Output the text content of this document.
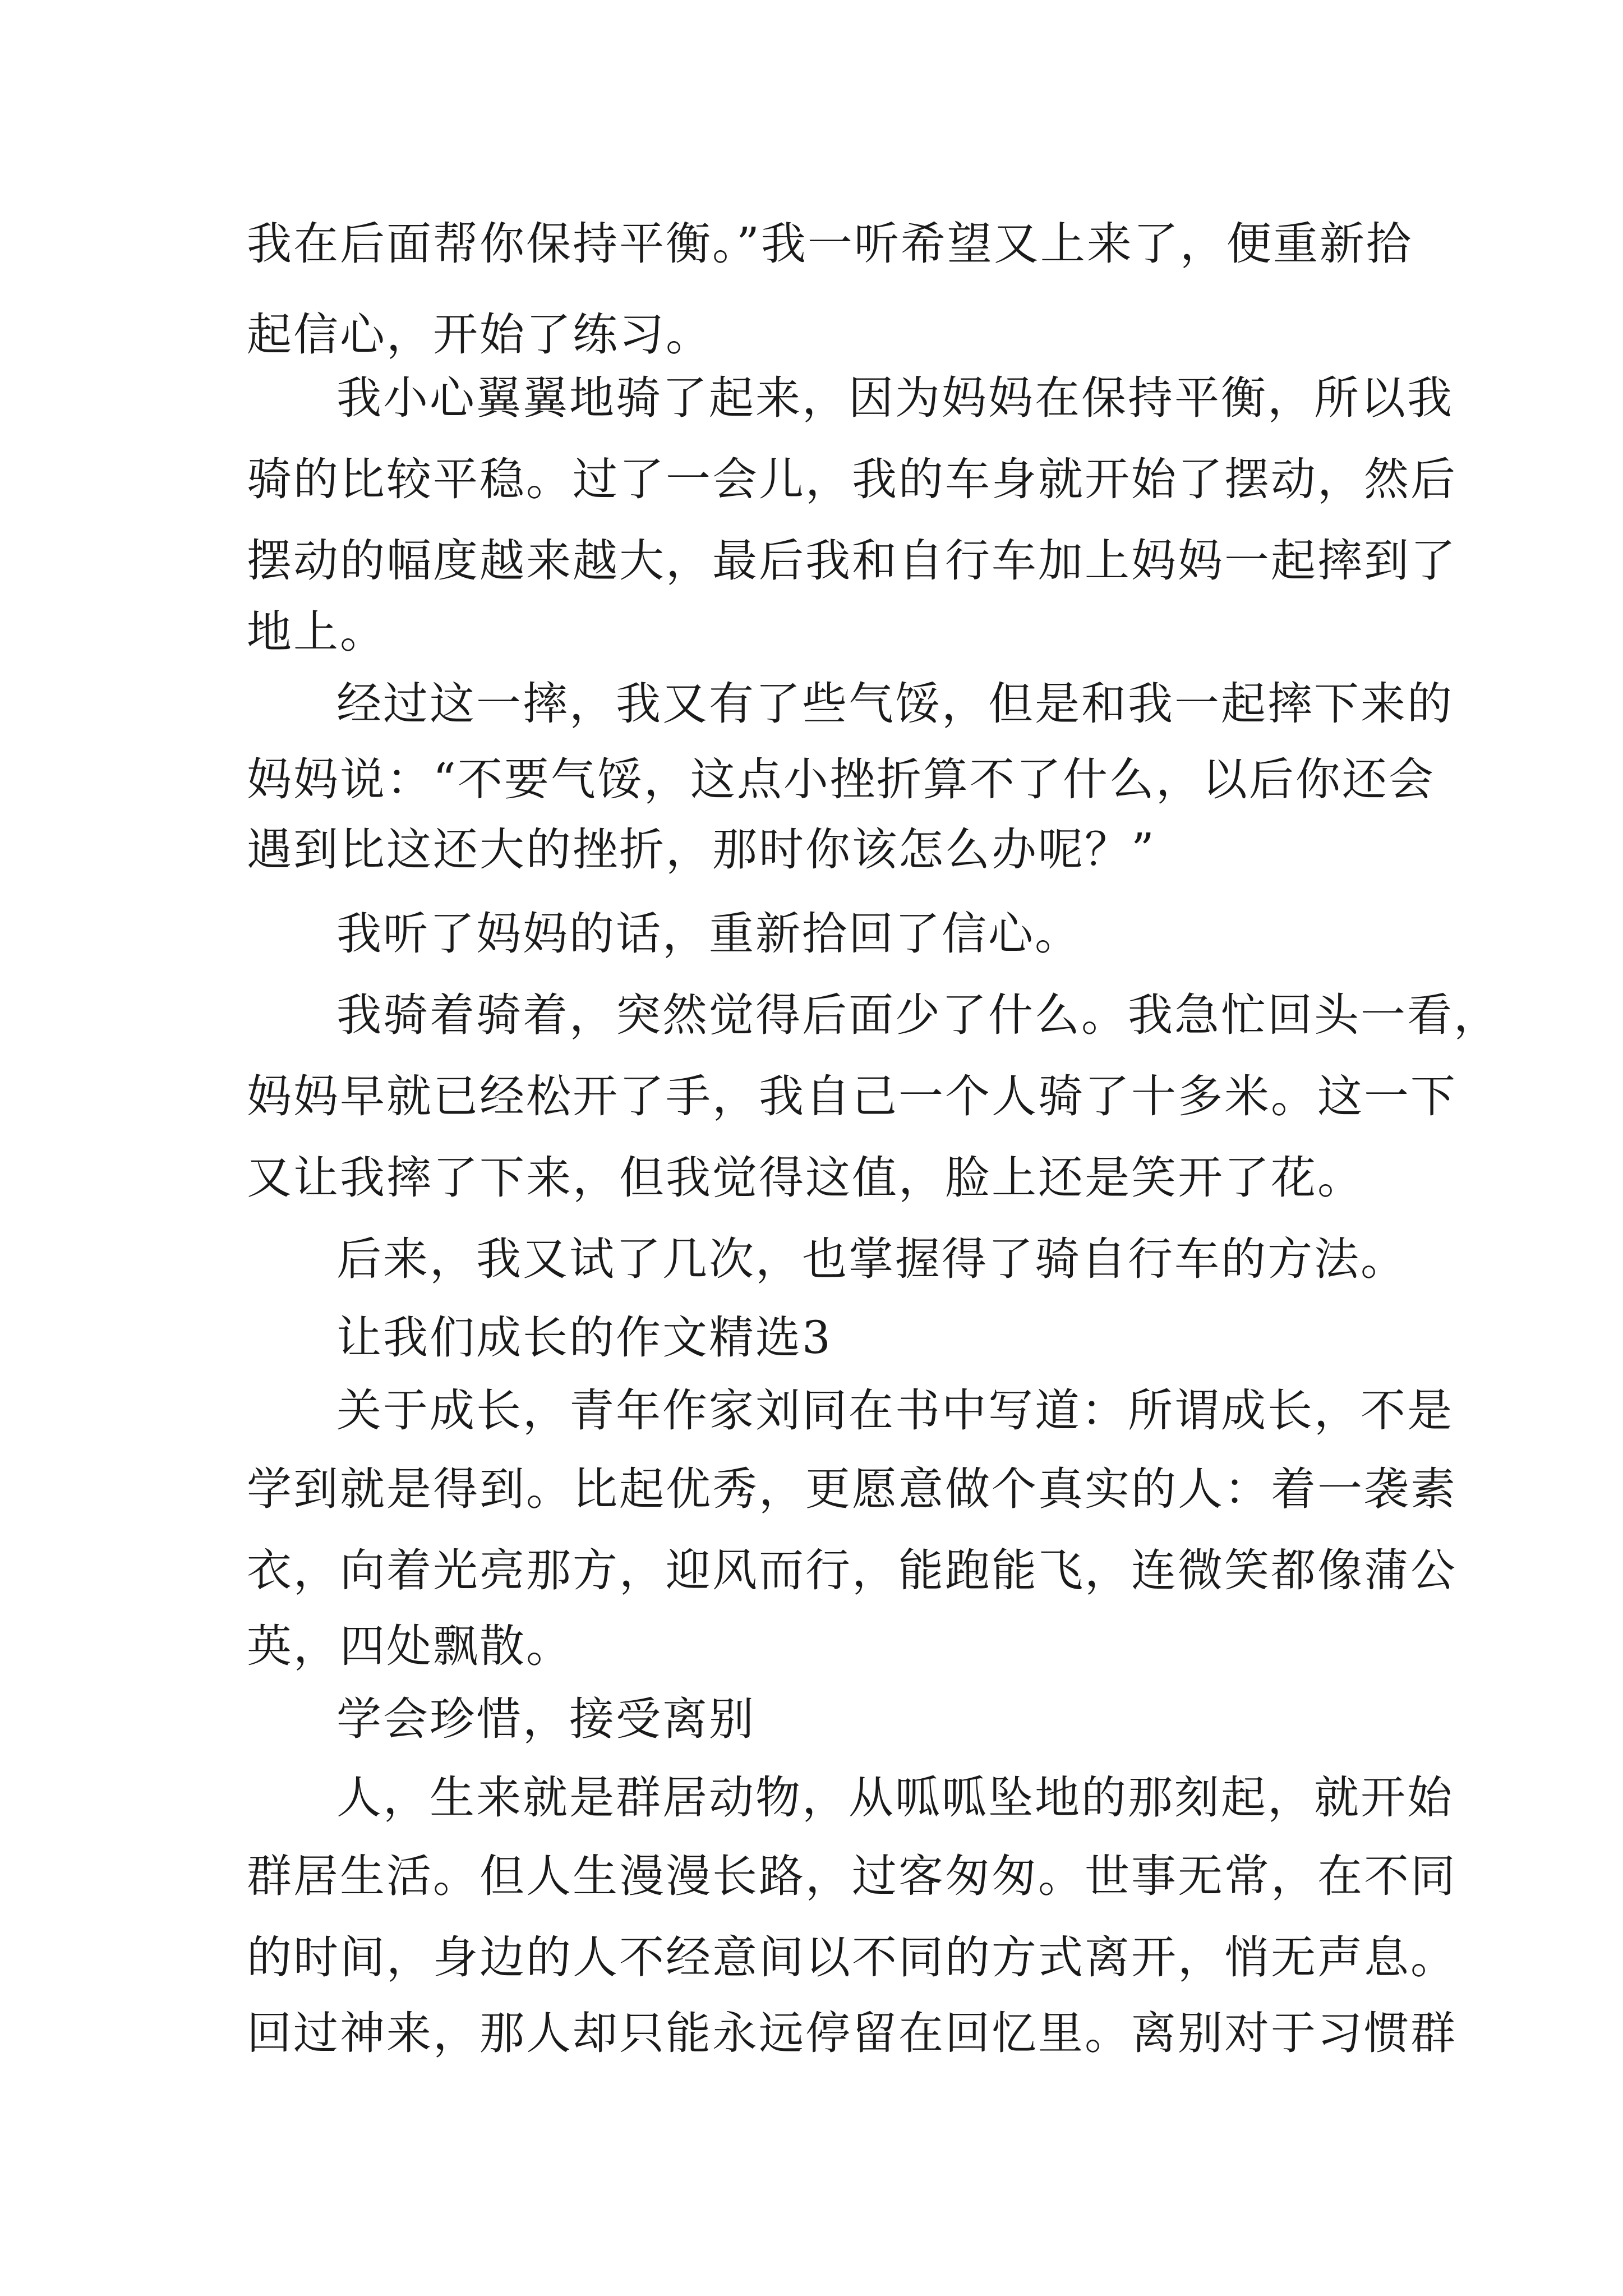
我在后面帮你保持平衡。”我一听希望又上来了，便重新拾
起信心，开始了练习。
我小心翼翼地骑了起来，因为妈妈在保持平衡，所以我
骑的比较平稳。过了一会儿，我的车身就开始了摆动，然后
摆动的幅度越来越大，最后我和自行车加上妈妈一起摔到了
地上。
经过这一摔，我又有了些气馁，但是和我一起摔下来的
妈妈说：“不要气馁，这点小挫折算不了什么，以后你还会
遇到比这还大的挫折，那时你该怎么办呢？”
我听了妈妈的话，重新拾回了信心。
我骑着骑着，突然觉得后面少了什么。我急忙回头一看，
妈妈早就已经松开了手，我自己一个人骑了十多米。这一下
又让我摔了下来，但我觉得这值，脸上还是笑开了花。
后来，我又试了几次，也掌握得了骑自行车的方法。
让我们成长的作文精选3
关于成长，青年作家刘同在书中写道：所谓成长，不是
学到就是得到。比起优秀，更愿意做个真实的人：着一袭素
衣，向着光亮那方，迎风而行，能跑能飞，连微笑都像蒲公
英，四处飘散。
学会珍惜，接受离别
人，生来就是群居动物，从呱呱坠地的那刻起，就开始
群居生活。但人生漫漫长路，过客匆匆。世事无常，在不同
的时间，身边的人不经意间以不同的方式离开，悄无声息。
回过神来，那人却只能永远停留在回忆里。离别对于习惯群
